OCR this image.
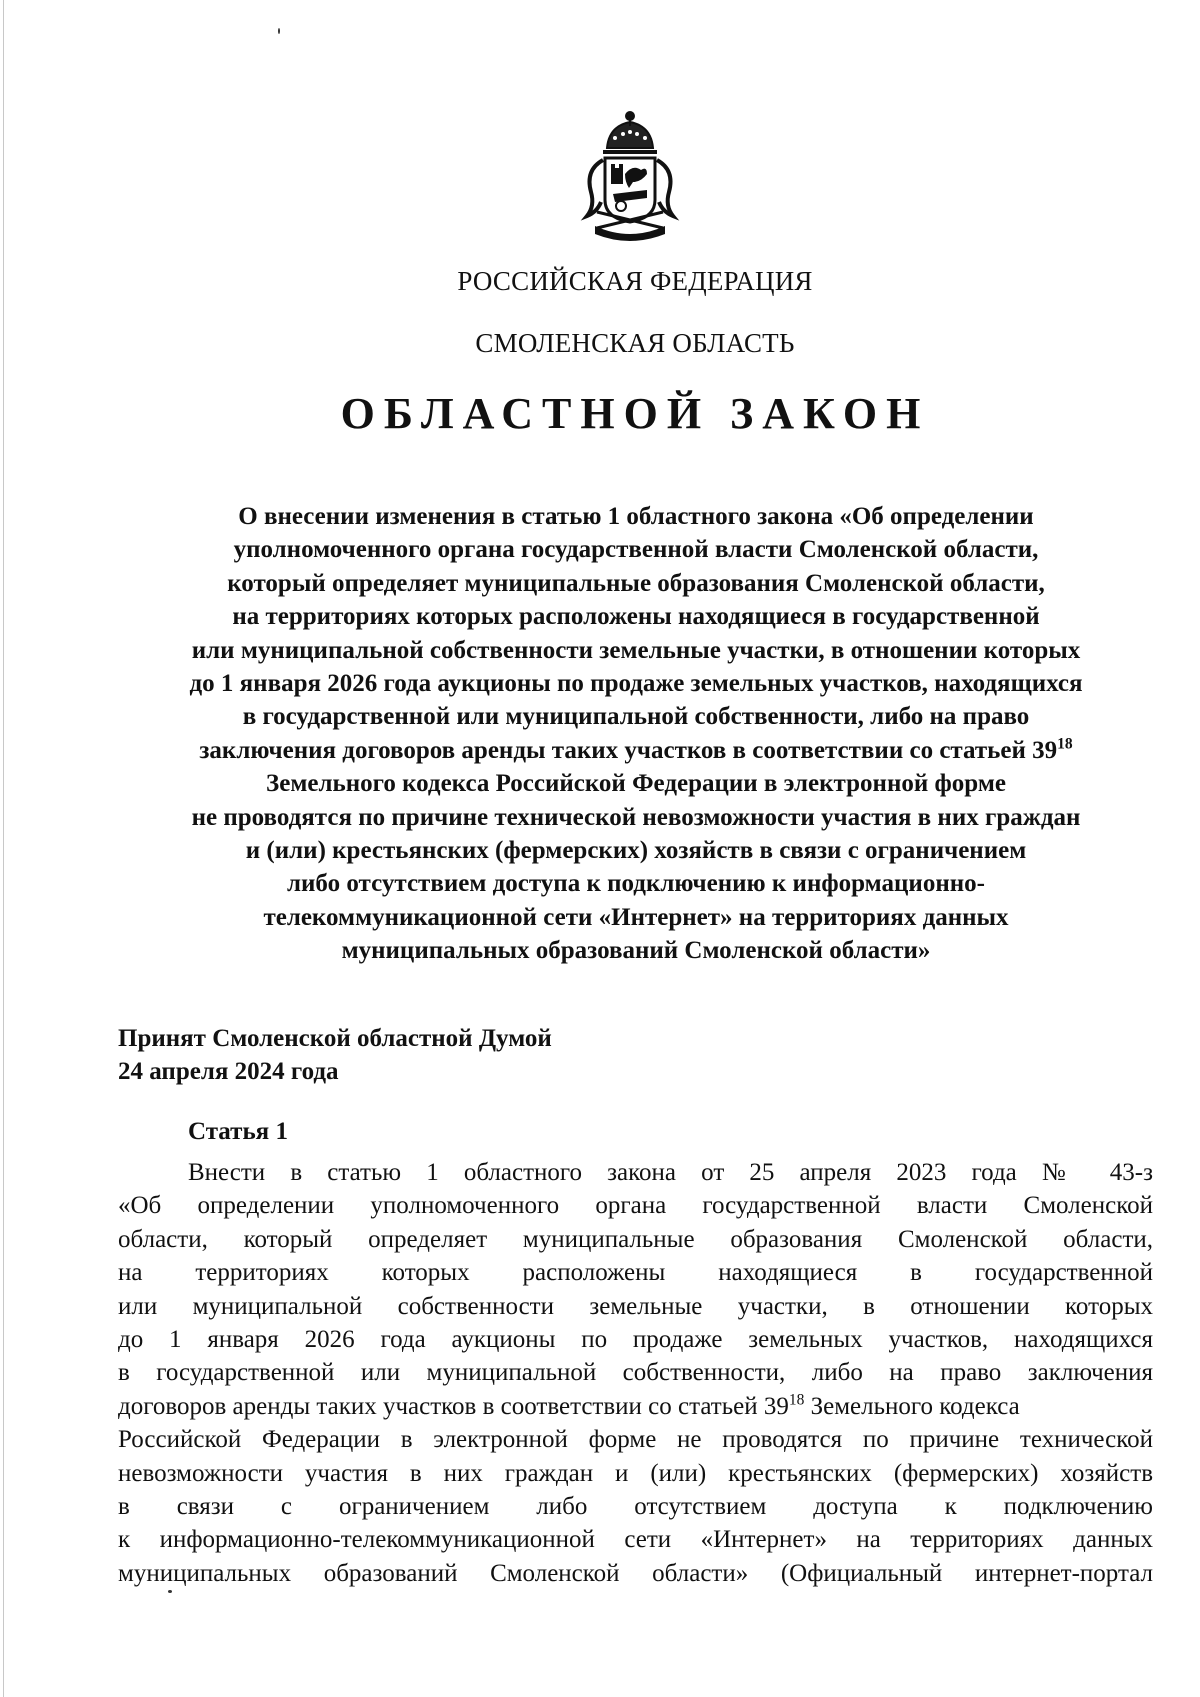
РОССИЙСКАЯ ФЕДЕРАЦИЯ
СМОЛЕНСКАЯ ОБЛАСТЬ
ОБЛАСТНОЙ ЗАКОН
О внесении изменения в статью 1 областного закона «Об определении
уполномоченного органа государственной власти Смоленской области,
который определяет муниципальные образования Смоленской области,
на территориях которых расположены находящиеся в государственной
или муниципальной собственности земельные участки, в отношении которых
до 1 января 2026 года аукционы по продаже земельных участков, находящихся
в государственной или муниципальной собственности, либо на право
заключения договоров аренды таких участков в соответствии со статьей $39^{18}$
Земельного кодекса Российской Федерации в электронной форме
не проводятся по причине технической невозможности участия в них граждан
и (или) крестьянских (фермерских) хозяйств в связи с ограничением
либо отсутствием доступа к подключению к информационно-
телекоммуникационной сети «Интернет» на территориях данных
муниципальных образований Смоленской области»
Принят Смоленской областной Думой
24 апреля 2024 года
Статья 1
Внести в статью 1 областного закона от 25 апреля 2023 года № 43-з
«Об определении уполномоченного органа государственной власти Смоленской
области, который определяет муниципальные образования Смоленской области,
на территориях которых расположены находящиеся в государственной
или муниципальной собственности земельные участки, в отношении которых
до 1 января 2026 года аукционы по продаже земельных участков, находящихся
в государственной или муниципальной собственности, либо на право заключения
договоров аренды таких участков в соответствии со статьей $39^{18}$ Земельного кодекса
Российской Федерации в электронной форме не проводятся по причине технической
невозможности участия в них граждан и (или) крестьянских (фермерских) хозяйств
в связи с ограничением либо отсутствием доступа к подключению
к информационно-телекоммуникационной сети «Интернет» на территориях данных
муниципальных образований Смоленской области» (Официальный интернет-портал
